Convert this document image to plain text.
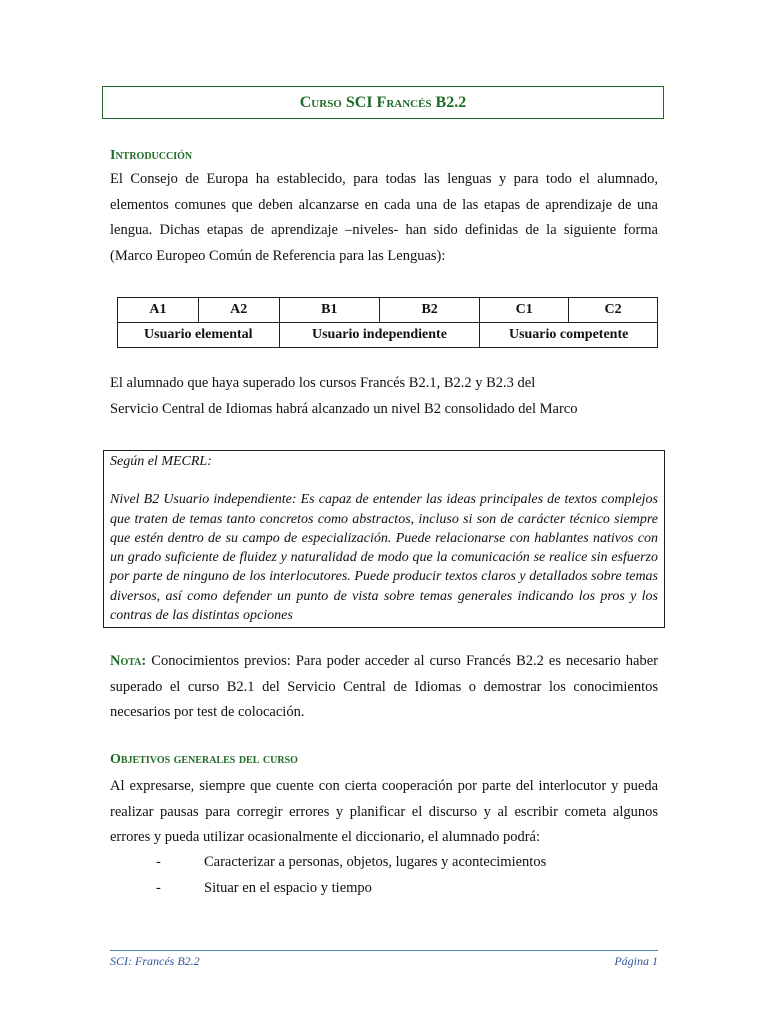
Curso SCI Francés B2.2
Introducción
El Consejo de Europa ha establecido, para todas las lenguas y para todo el alumnado, elementos comunes que deben alcanzarse en cada una de las etapas de aprendizaje de una lengua. Dichas etapas de aprendizaje –niveles- han sido definidas de la siguiente forma (Marco Europeo Común de Referencia para las Lenguas):
A1	A2	B1	B2	C1	C2
Usuario elemental		Usuario independiente		Usuario competente	
El alumnado que haya superado los cursos Francés B2.1, B2.2 y B2.3 del Servicio Central de Idiomas habrá alcanzado un nivel B2 consolidado del Marco

Según el MECRL:

Nivel B2 Usuario independiente: Es capaz de entender las ideas principales de textos complejos que traten de temas tanto concretos como abstractos, incluso si son de carácter técnico siempre que estén dentro de su campo de especialización. Puede relacionarse con hablantes nativos con un grado suficiente de fluidez y naturalidad de modo que la comunicación se realice sin esfuerzo por parte de ninguno de los interlocutores. Puede producir textos claros y detallados sobre temas diversos, así como defender un punto de vista sobre temas generales indicando los pros y los contras de las distintas opciones

Nota: Conocimientos previos: Para poder acceder al curso Francés B2.2 es necesario haber superado el curso B2.1 del Servicio Central de Idiomas o demostrar los conocimientos necesarios por test de colocación.
Objetivos generales del curso
Al expresarse, siempre que cuente con cierta cooperación por parte del interlocutor y pueda realizar pausas para corregir errores y planificar el discurso y al escribir cometa algunos errores y pueda utilizar ocasionalmente el diccionario, el alumnado podrá:
-	Caracterizar a personas, objetos, lugares y acontecimientos
-	Situar en el espacio y tiempo
SCI: Francés B2.2	Página 1
